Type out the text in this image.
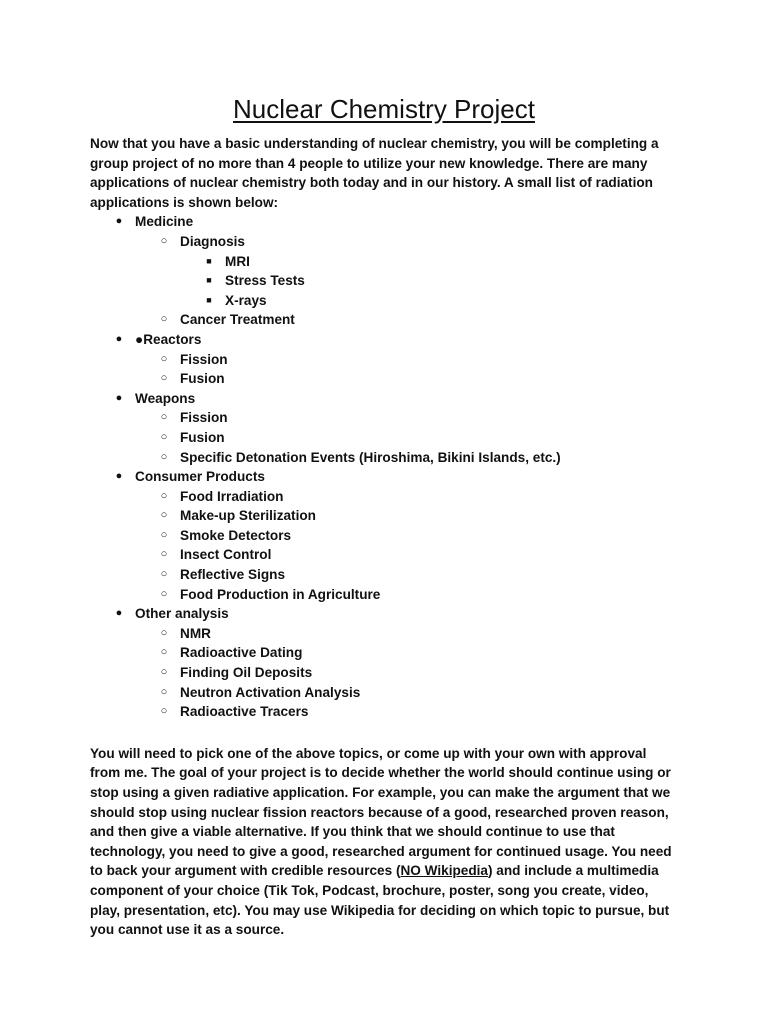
Nuclear Chemistry Project

Now that you have a basic understanding of nuclear chemistry, you will be completing a group project of no more than 4 people to utilize your new knowledge. There are many applications of nuclear chemistry both today and in our history. A small list of radiation applications is shown below:

● Medicine
○ Diagnosis
■ MRI
■ Stress Tests
■ X-rays
○ Cancer Treatment
● ●Reactors
○ Fission
○ Fusion
● Weapons
○ Fission
○ Fusion
○ Specific Detonation Events (Hiroshima, Bikini Islands, etc.)
● Consumer Products
○ Food Irradiation
○ Make-up Sterilization
○ Smoke Detectors
○ Insect Control
○ Reflective Signs
○ Food Production in Agriculture
● Other analysis
○ NMR
○ Radioactive Dating
○ Finding Oil Deposits
○ Neutron Activation Analysis
○ Radioactive Tracers

You will need to pick one of the above topics, or come up with your own with approval from me. The goal of your project is to decide whether the world should continue using or stop using a given radiative application. For example, you can make the argument that we should stop using nuclear fission reactors because of a good, researched proven reason, and then give a viable alternative. If you think that we should continue to use that technology, you need to give a good, researched argument for continued usage. You need to back your argument with credible resources (NO Wikipedia) and include a multimedia component of your choice (Tik Tok, Podcast, brochure, poster, song you create, video, play, presentation, etc). You may use Wikipedia for deciding on which topic to pursue, but you cannot use it as a source.
